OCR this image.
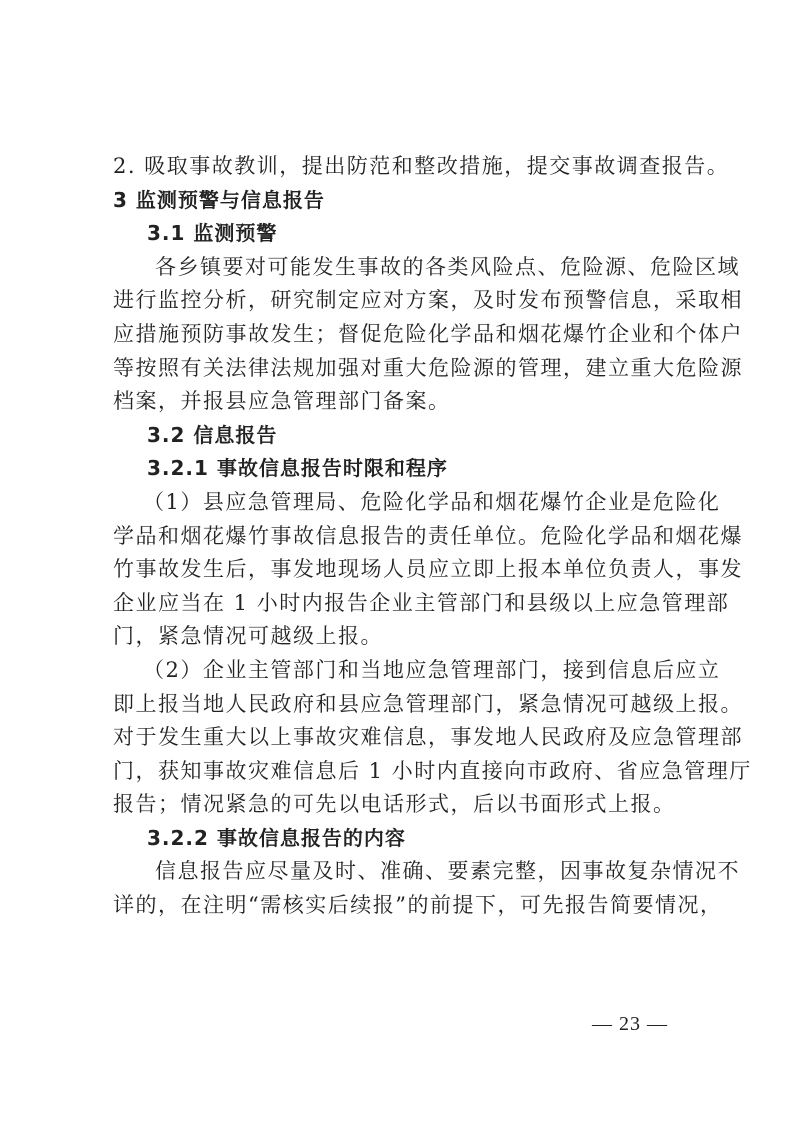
2. 吸取事故教训，提出防范和整改措施，提交事故调查报告。
3 监测预警与信息报告
3.1 监测预警
各乡镇要对可能发生事故的各类风险点、危险源、危险区域
进行监控分析，研究制定应对方案，及时发布预警信息，采取相
应措施预防事故发生；督促危险化学品和烟花爆竹企业和个体户
等按照有关法律法规加强对重大危险源的管理，建立重大危险源
档案，并报县应急管理部门备案。
3.2 信息报告
3.2.1 事故信息报告时限和程序
（1）县应急管理局、危险化学品和烟花爆竹企业是危险化
学品和烟花爆竹事故信息报告的责任单位。危险化学品和烟花爆
竹事故发生后，事发地现场人员应立即上报本单位负责人，事发
企业应当在 1 小时内报告企业主管部门和县级以上应急管理部
门，紧急情况可越级上报。
（2）企业主管部门和当地应急管理部门，接到信息后应立
即上报当地人民政府和县应急管理部门，紧急情况可越级上报。
对于发生重大以上事故灾难信息，事发地人民政府及应急管理部
门，获知事故灾难信息后 1 小时内直接向市政府、省应急管理厅
报告；情况紧急的可先以电话形式，后以书面形式上报。
3.2.2 事故信息报告的内容
信息报告应尽量及时、准确、要素完整，因事故复杂情况不
详的，在注明“需核实后续报”的前提下，可先报告简要情况，
— 23 —
